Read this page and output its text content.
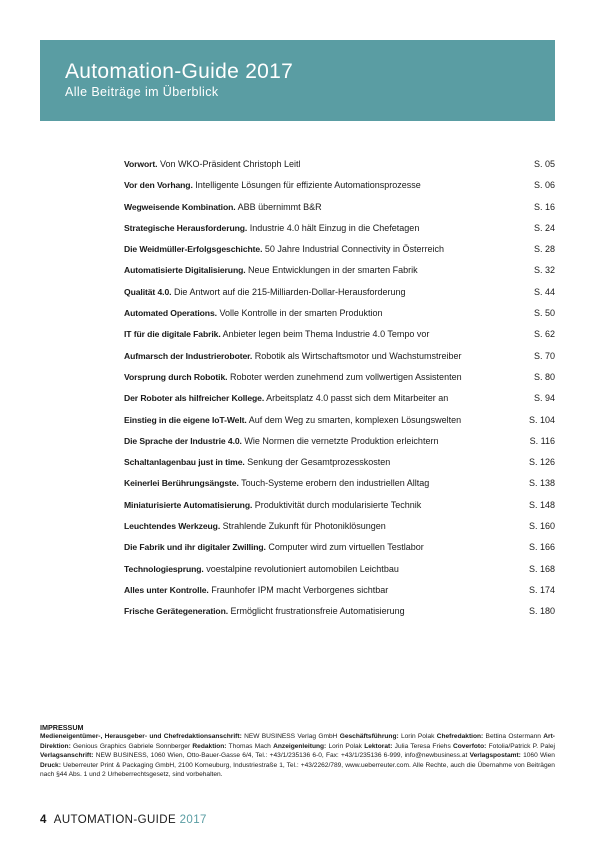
Automation-Guide 2017
Alle Beiträge im Überblick
Vorwort. Von WKO-Präsident Christoph Leitl	S. 05
Vor den Vorhang. Intelligente Lösungen für effiziente Automationsprozesse	S. 06
Wegweisende Kombination. ABB übernimmt B&R	S. 16
Strategische Herausforderung. Industrie 4.0 hält Einzug in die Chefetagen	S. 24
Die Weidmüller-Erfolgsgeschichte. 50 Jahre Industrial Connectivity in Österreich	S. 28
Automatisierte Digitalisierung. Neue Entwicklungen in der smarten Fabrik	S. 32
Qualität 4.0. Die Antwort auf die 215-Milliarden-Dollar-Herausforderung	S. 44
Automated Operations. Volle Kontrolle in der smarten Produktion	S. 50
IT für die digitale Fabrik. Anbieter legen beim Thema Industrie 4.0 Tempo vor	S. 62
Aufmarsch der Industrieroboter. Robotik als Wirtschaftsmotor und Wachstumstreiber	S. 70
Vorsprung durch Robotik. Roboter werden zunehmend zum vollwertigen Assistenten	S. 80
Der Roboter als hilfreicher Kollege. Arbeitsplatz 4.0 passt sich dem Mitarbeiter an	S. 94
Einstieg in die eigene IoT-Welt. Auf dem Weg zu smarten, komplexen Lösungswelten	S. 104
Die Sprache der Industrie 4.0. Wie Normen die vernetzte Produktion erleichtern	S. 116
Schaltanlagenbau just in time. Senkung der Gesamtprozesskosten	S. 126
Keinerlei Berührungsängste. Touch-Systeme erobern den industriellen Alltag	S. 138
Miniaturisierte Automatisierung. Produktivität durch modularisierte Technik	S. 148
Leuchtendes Werkzeug. Strahlende Zukunft für Photoniklösungen	S. 160
Die Fabrik und ihr digitaler Zwilling. Computer wird zum virtuellen Testlabor	S. 166
Technologiesprung. voestalpine revolutioniert automobilen Leichtbau	S. 168
Alles unter Kontrolle. Fraunhofer IPM macht Verborgenes sichtbar	S. 174
Frische Gerätegeneration. Ermöglicht frustrationsfreie Automatisierung	S. 180
IMPRESSUM
Medieneigentümer-, Herausgeber- und Chefredaktionsanschrift: NEW BUSINESS Verlag GmbH Geschäftsführung: Lorin Polak Chefredaktion: Bettina Ostermann Art-Direktion: Genious Graphics Gabriele Sonnberger Redaktion: Thomas Mach Anzeigenleitung: Lorin Polak Lektorat: Julia Teresa Friehs Coverfoto: Fotolia/Patrick P. Palej Verlagsanschrift: NEW BUSINESS, 1060 Wien, Otto-Bauer-Gasse 6/4, Tel.: +43/1/235136 6-0, Fax: +43/1/235136 6-999, info@newbusiness.at Verlagspostamt: 1060 Wien Druck: Ueberreuter Print & Packaging GmbH, 2100 Korneuburg, Industriestraße 1, Tel.: +43/2262/789, www.ueberreuter.com. Alle Rechte, auch die Übernahme von Beiträgen nach §44 Abs. 1 und 2 Urheberrechtsgesetz, sind vorbehalten.
4 AUTOMATION-GUIDE 2017
